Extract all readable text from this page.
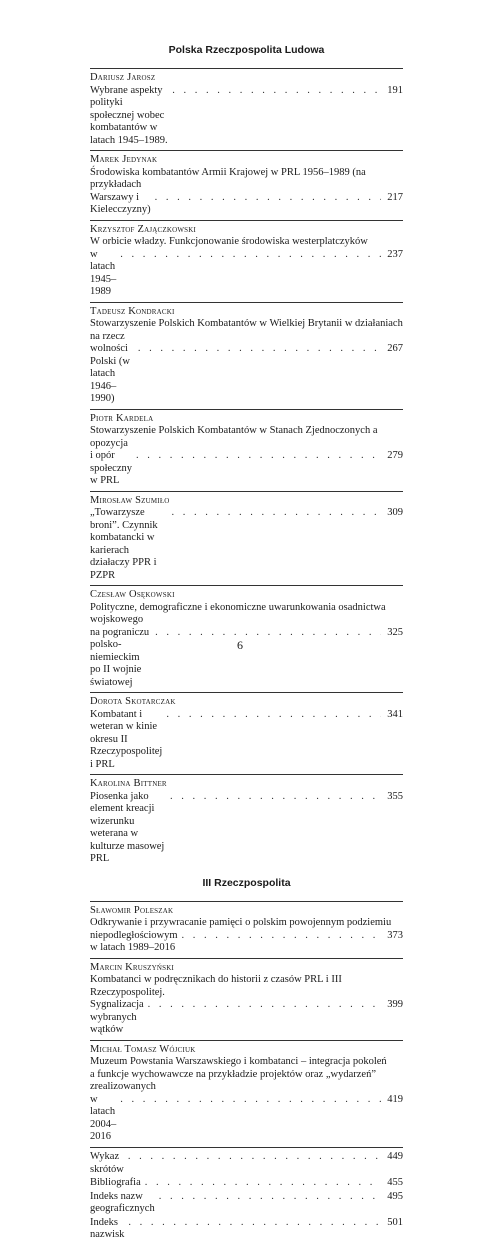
Polska Rzeczpospolita Ludowa
Dariusz Jarosz
Wybrane aspekty polityki społecznej wobec kombatantów w latach 1945–1989.
. . .
191
Marek Jedynak
Środowiska kombatantów Armii Krajowej w PRL 1956–1989 (na przykładach
Warszawy i Kielecczyzny)
. . .
217
Krzysztof Zajączkowski
W orbicie władzy. Funkcjonowanie środowiska westerplatczyków
w latach 1945–1989
. . .
237
Tadeusz Kondracki
Stowarzyszenie Polskich Kombatantów w Wielkiej Brytanii w działaniach na rzecz
wolności Polski (w latach 1946–1990)
. . .
267
Piotr Kardela
Stowarzyszenie Polskich Kombatantów w Stanach Zjednoczonych a opozycja
i opór społeczny w PRL
. . .
279
Mirosław Szumiło
„Towarzysze broni”. Czynnik kombatancki w karierach działaczy PPR i PZPR
. . .
309
Czesław Osękowski
Polityczne, demograficzne i ekonomiczne uwarunkowania osadnictwa wojskowego
na pograniczu polsko-niemieckim po II wojnie światowej
. . .
325
Dorota Skotarczak
Kombatant i weteran w kinie okresu II Rzeczypospolitej i PRL
. . .
341
Karolina Bittner
Piosenka jako element kreacji wizerunku weterana w kulturze masowej PRL
. . .
355
III Rzeczpospolita
Sławomir Poleszak
Odkrywanie i przywracanie pamięci o polskim powojennym podziemiu
niepodległościowym w latach 1989–2016
. . .
373
Marcin Kruszyński
Kombatanci w podręcznikach do historii z czasów PRL i III Rzeczypospolitej.
Sygnalizacja wybranych wątków
. . .
399
Michał Tomasz Wójciuk
Muzeum Powstania Warszawskiego i kombatanci – integracja pokoleń
a funkcje wychowawcze na przykładzie projektów oraz „wydarzeń” zrealizowanych
w latach 2004–2016
. . .
419
Wykaz skrótów
. . .
449
Bibliografia
. . .	455
Indeks nazw geograficznych
. . .
495
Indeks nazwisk
. . .
501
6
